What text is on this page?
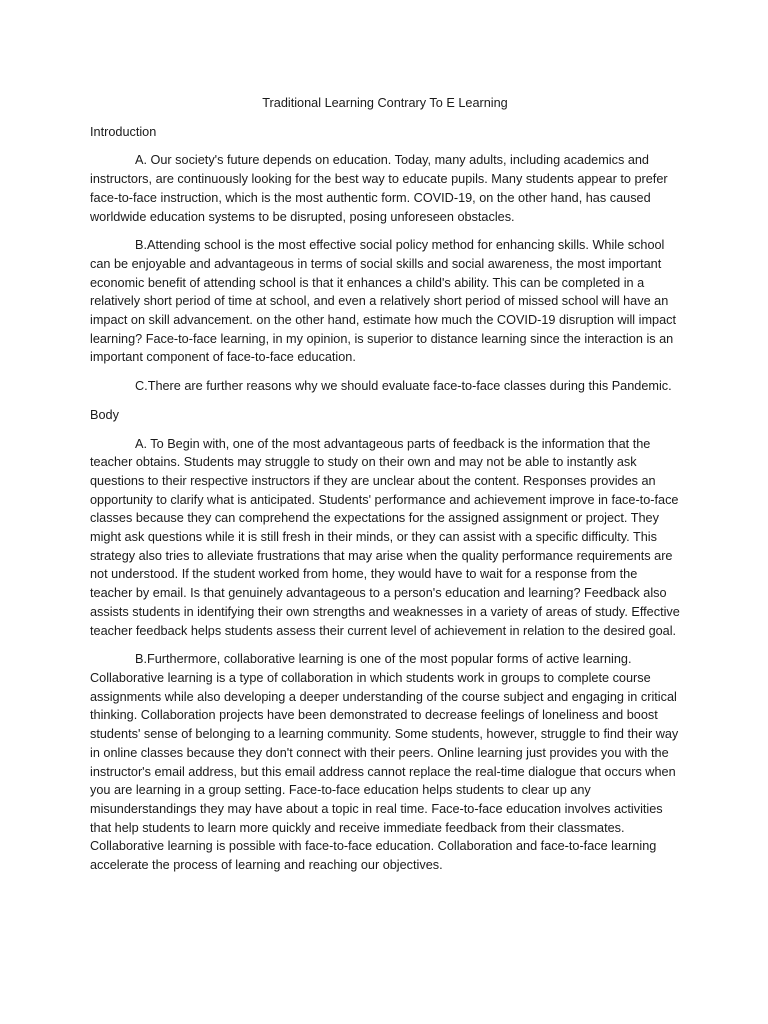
Traditional Learning Contrary To E Learning
Introduction

A. Our society's future depends on education. Today, many adults, including academics and instructors, are continuously looking for the best way to educate pupils. Many students appear to prefer face-to-face instruction, which is the most authentic form. COVID-19, on the other hand, has caused worldwide education systems to be disrupted, posing unforeseen obstacles.

B.Attending school is the most effective social policy method for enhancing skills. While school can be enjoyable and advantageous in terms of social skills and social awareness, the most important economic benefit of attending school is that it enhances a child's ability. This can be completed in a relatively short period of time at school, and even a relatively short period of missed school will have an impact on skill advancement. on the other hand, estimate how much the COVID-19 disruption will impact learning? Face-to-face learning, in my opinion, is superior to distance learning since the interaction is an important component of face-to-face education.

C.There are further reasons why we should evaluate face-to-face classes during this Pandemic.

Body

A. To Begin with, one of the most advantageous parts of feedback is the information that the teacher obtains. Students may struggle to study on their own and may not be able to instantly ask questions to their respective instructors if they are unclear about the content. Responses provides an opportunity to clarify what is anticipated. Students' performance and achievement improve in face-to-face classes because they can comprehend the expectations for the assigned assignment or project. They might ask questions while it is still fresh in their minds, or they can assist with a specific difficulty. This strategy also tries to alleviate frustrations that may arise when the quality performance requirements are not understood. If the student worked from home, they would have to wait for a response from the teacher by email. Is that genuinely advantageous to a person's education and learning? Feedback also assists students in identifying their own strengths and weaknesses in a variety of areas of study. Effective teacher feedback helps students assess their current level of achievement in relation to the desired goal.

B.Furthermore, collaborative learning is one of the most popular forms of active learning. Collaborative learning is a type of collaboration in which students work in groups to complete course assignments while also developing a deeper understanding of the course subject and engaging in critical thinking. Collaboration projects have been demonstrated to decrease feelings of loneliness and boost students' sense of belonging to a learning community. Some students, however, struggle to find their way in online classes because they don't connect with their peers. Online learning just provides you with the instructor's email address, but this email address cannot replace the real-time dialogue that occurs when you are learning in a group setting. Face-to-face education helps students to clear up any misunderstandings they may have about a topic in real time. Face-to-face education involves activities that help students to learn more quickly and receive immediate feedback from their classmates. Collaborative learning is possible with face-to-face education. Collaboration and face-to-face learning accelerate the process of learning and reaching our objectives.
